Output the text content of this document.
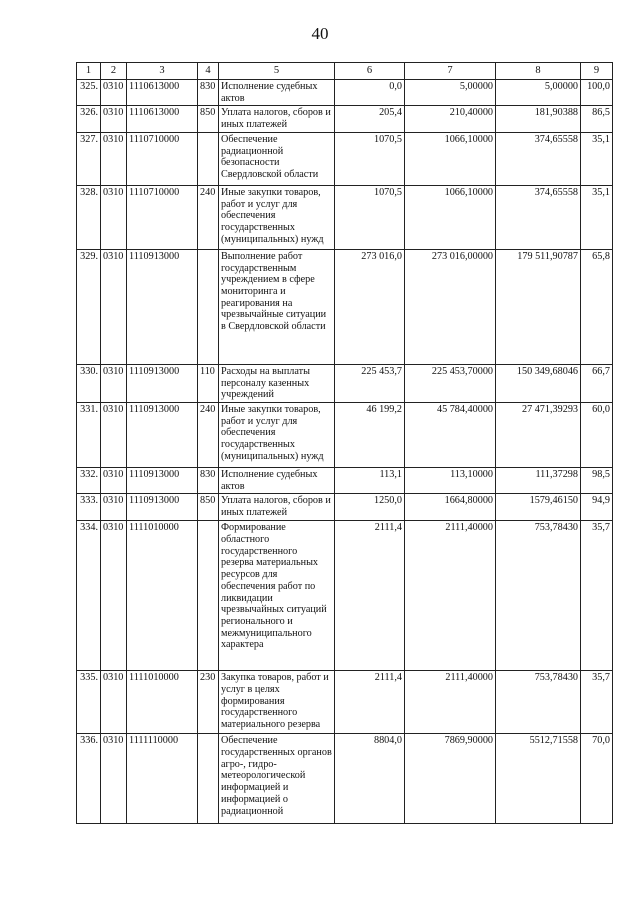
40
1	2	3	4	5	6	7	8	9
325.	0310	1110613000	830	Исполнение судебных актов	0,0	5,00000	5,00000	100,0
326.	0310	1110613000	850	Уплата налогов, сборов и иных платежей	205,4	210,40000	181,90388	86,5
327.	0310	1110710000		Обеспечение радиационной безопасности Свердловской области	1070,5	1066,10000	374,65558	35,1
328.	0310	1110710000	240	Иные закупки товаров, работ и услуг для обеспечения государственных (муниципальных) нужд	1070,5	1066,10000	374,65558	35,1
329.	0310	1110913000		Выполнение работ государственным учреждением в сфере мониторинга и реагирования на чрезвычайные ситуации в Свердловской области	273 016,0	273 016,00000	179 511,90787	65,8
330.	0310	1110913000	110	Расходы на выплаты персоналу казенных учреждений	225 453,7	225 453,70000	150 349,68046	66,7
331.	0310	1110913000	240	Иные закупки товаров, работ и услуг для обеспечения государственных (муниципальных) нужд	46 199,2	45 784,40000	27 471,39293	60,0
332.	0310	1110913000	830	Исполнение судебных актов	113,1	113,10000	111,37298	98,5
333.	0310	1110913000	850	Уплата налогов, сборов и иных платежей	1250,0	1664,80000	1579,46150	94,9
334.	0310	1111010000		Формирование областного государственного резерва материальных ресурсов для обеспечения работ по ликвидации чрезвычайных ситуаций регионального и межмуниципального характера	2111,4	2111,40000	753,78430	35,7
335.	0310	1111010000	230	Закупка товаров, работ и услуг в целях формирования государственного материального резерва	2111,4	2111,40000	753,78430	35,7
336.	0310	1111110000		Обеспечение государственных органов агро-, гидро-метеорологической информацией и информацией о радиационной	8804,0	7869,90000	5512,71558	70,0
